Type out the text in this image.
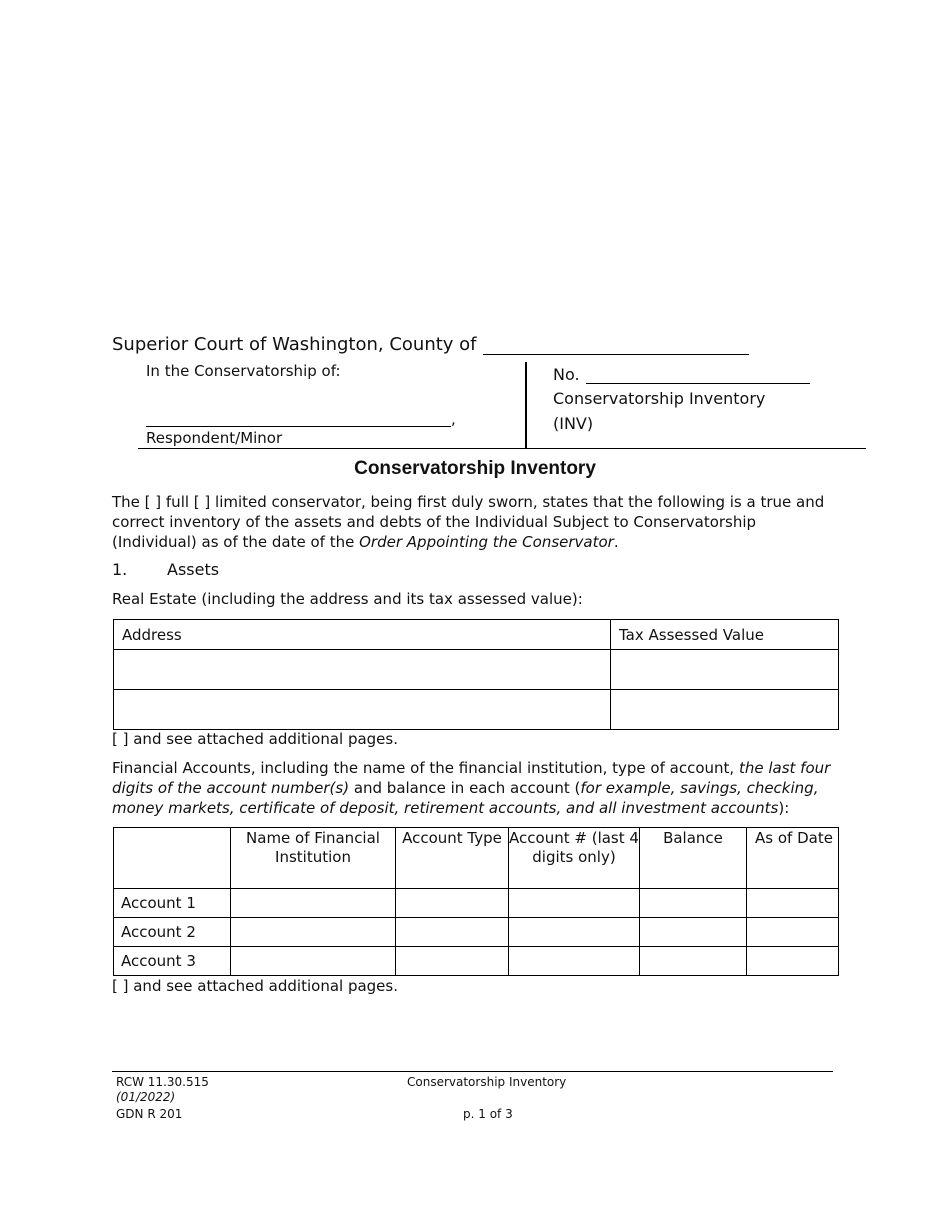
Superior Court of Washington, County of
In the Conservatorship of:
,
Respondent/Minor
No.
Conservatorship Inventory
(INV)
Conservatorship Inventory
The [ ] full [ ] limited conservator, being first duly sworn, states that the following is a true and correct inventory of the assets and debts of the Individual Subject to Conservatorship (Individual) as of the date of the Order Appointing the Conservator.
1. Assets
Real Estate (including the address and its tax assessed value):
Address	Tax Assessed Value

[ ] and see attached additional pages.
Financial Accounts, including the name of the financial institution, type of account, the last four digits of the account number(s) and balance in each account (for example, savings, checking, money markets, certificate of deposit, retirement accounts, and all investment accounts):
	Name of Financial Institution	Account Type	Account # (last 4 digits only)	Balance	As of Date
Account 1					
Account 2					
Account 3					
[ ] and see attached additional pages.
RCW 11.30.515
(01/2022)
GDN R 201
Conservatorship Inventory
p. 1 of 3
